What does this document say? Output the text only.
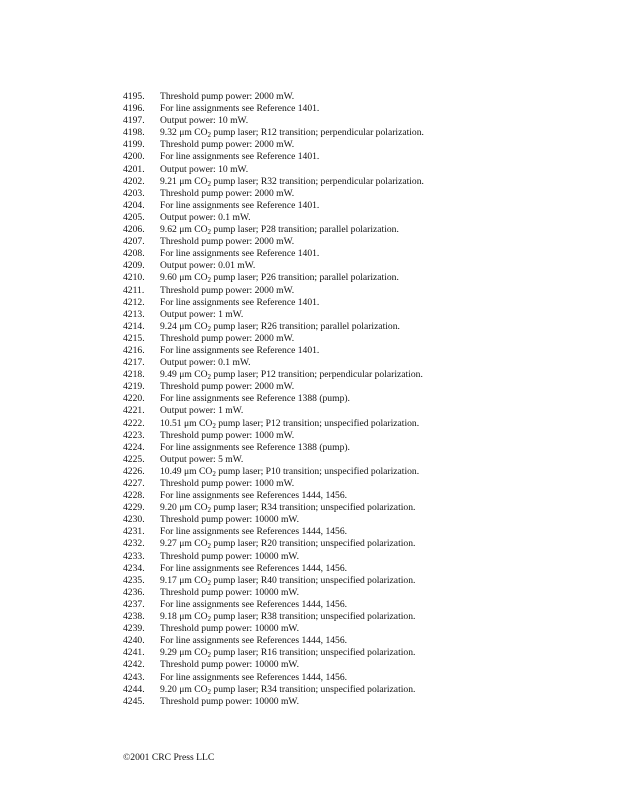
4195. Threshold pump power: 2000 mW.
4196. For line assignments see Reference 1401.
4197. Output power: 10 mW.
4198. 9.32 μm $CO_2$ pump laser; R12 transition; perpendicular polarization.
4199. Threshold pump power: 2000 mW.
4200. For line assignments see Reference 1401.
4201. Output power: 10 mW.
4202. 9.21 μm $CO_2$ pump laser; R32 transition; perpendicular polarization.
4203. Threshold pump power: 2000 mW.
4204. For line assignments see Reference 1401.
4205. Output power: 0.1 mW.
4206. 9.62 μm $CO_2$ pump laser; P28 transition; parallel polarization.
4207. Threshold pump power: 2000 mW.
4208. For line assignments see Reference 1401.
4209. Output power: 0.01 mW.
4210. 9.60 μm $CO_2$ pump laser; P26 transition; parallel polarization.
4211. Threshold pump power: 2000 mW.
4212. For line assignments see Reference 1401.
4213. Output power: 1 mW.
4214. 9.24 μm $CO_2$ pump laser; R26 transition; parallel polarization.
4215. Threshold pump power: 2000 mW.
4216. For line assignments see Reference 1401.
4217. Output power: 0.1 mW.
4218. 9.49 μm $CO_2$ pump laser; P12 transition; perpendicular polarization.
4219. Threshold pump power: 2000 mW.
4220. For line assignments see Reference 1388 (pump).
4221. Output power: 1 mW.
4222. 10.51 μm $CO_2$ pump laser; P12 transition; unspecified polarization.
4223. Threshold pump power: 1000 mW.
4224. For line assignments see Reference 1388 (pump).
4225. Output power: 5 mW.
4226. 10.49 μm $CO_2$ pump laser; P10 transition; unspecified polarization.
4227. Threshold pump power: 1000 mW.
4228. For line assignments see References 1444, 1456.
4229. 9.20 μm $CO_2$ pump laser; R34 transition; unspecified polarization.
4230. Threshold pump power: 10000 mW.
4231. For line assignments see References 1444, 1456.
4232. 9.27 μm $CO_2$ pump laser; R20 transition; unspecified polarization.
4233. Threshold pump power: 10000 mW.
4234. For line assignments see References 1444, 1456.
4235. 9.17 μm $CO_2$ pump laser; R40 transition; unspecified polarization.
4236. Threshold pump power: 10000 mW.
4237. For line assignments see References 1444, 1456.
4238. 9.18 μm $CO_2$ pump laser; R38 transition; unspecified polarization.
4239. Threshold pump power: 10000 mW.
4240. For line assignments see References 1444, 1456.
4241. 9.29 μm $CO_2$ pump laser; R16 transition; unspecified polarization.
4242. Threshold pump power: 10000 mW.
4243. For line assignments see References 1444, 1456.
4244. 9.20 μm $CO_2$ pump laser; R34 transition; unspecified polarization.
4245. Threshold pump power: 10000 mW.
©2001 CRC Press LLC
